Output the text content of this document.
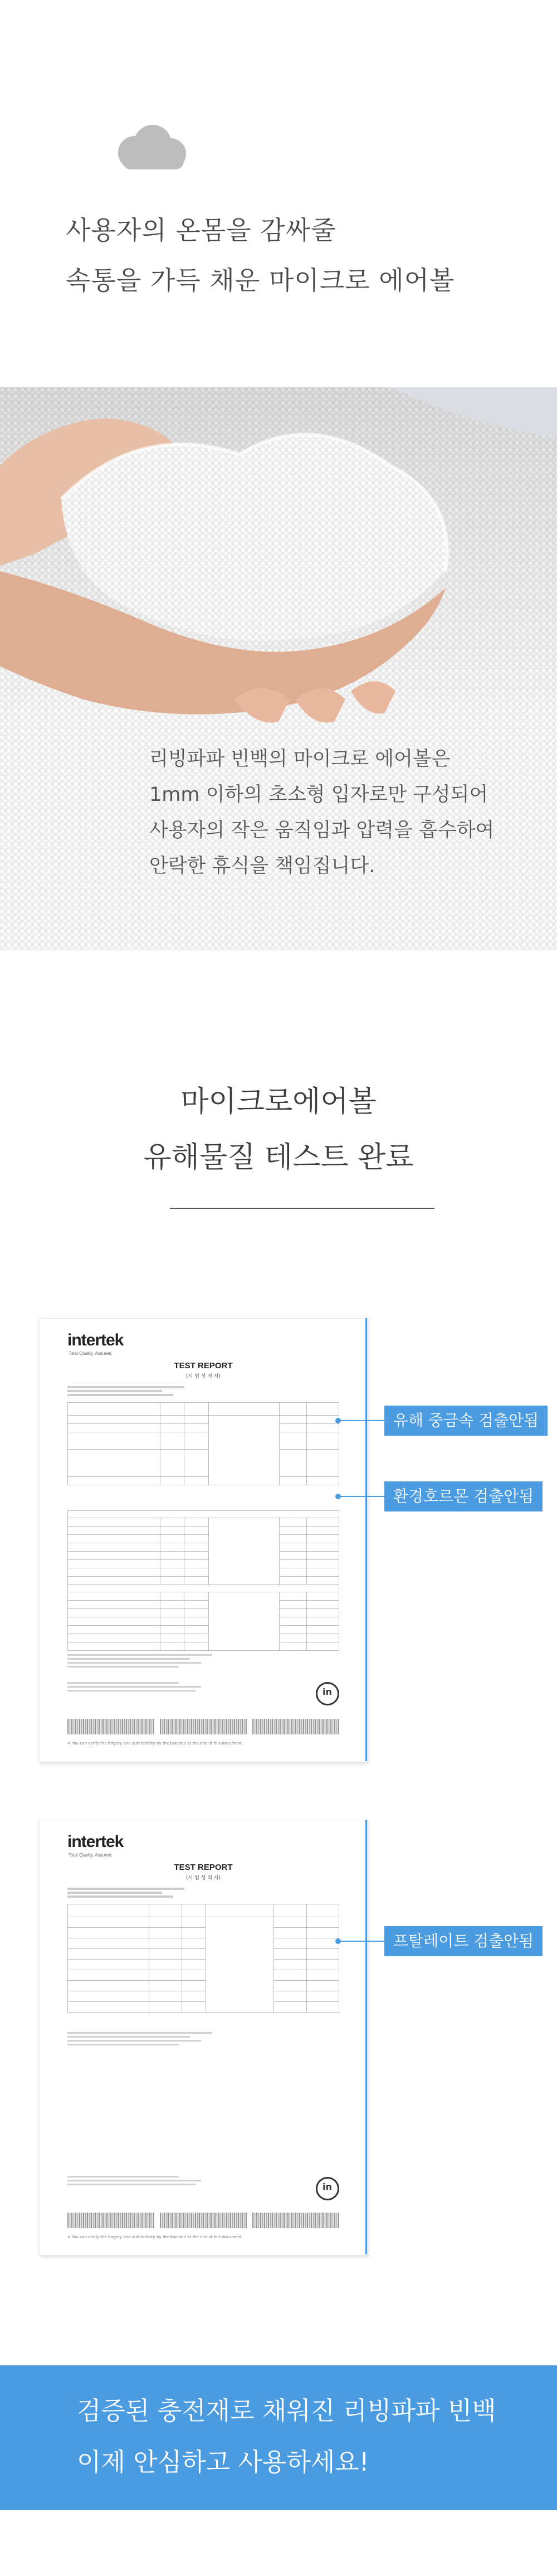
사용자의 온몸을 감싸줄
속통을 가득 채운 마이크로 에어볼
리빙파파 빈백의 마이크로 에어볼은
1mm 이하의 초소형 입자로만 구성되어
사용자의 작은 움직임과 압력을 흡수하여
안락한 휴식을 책임집니다.
마이크로에어볼
유해물질 테스트 완료
intertek
Total Quality. Assured.
TEST REPORT
(시 험 성 적 서)

in
✔ You can verify the forgery and authenticity by the barcode at the end of this document.
intertek
Total Quality. Assured.
TEST REPORT
(시 험 성 적 서)

in
✔ You can verify the forgery and authenticity by the barcode at the end of this document.
유해 중금속 검출안됨
환경호르몬 검출안됨
프탈레이트 검출안됨
검증된 충전재로 채워진 리빙파파 빈백
이제 안심하고 사용하세요!
